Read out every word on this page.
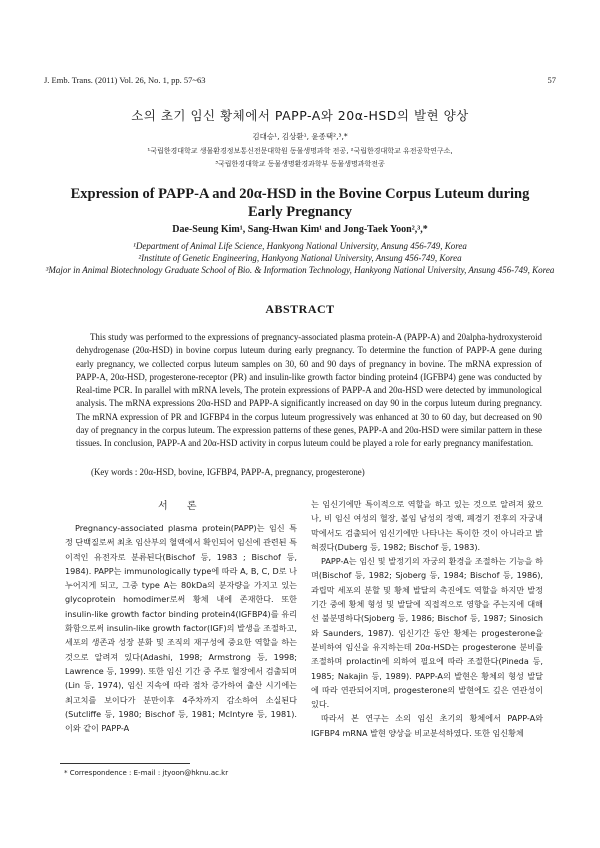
J. Emb. Trans. (2011) Vol. 26, No. 1, pp. 57~63	57
소의 초기 임신 황체에서 PAPP-A와 20α-HSD의 발현 양상
김대승¹, 김상환¹, 윤종택²,³,*
¹국립한경대학교 생물환경정보통신전문대학원 동물생명과학 전공, ²국립한경대학교 유전공학연구소,
³국립한경대학교 동물생명환경과학부 동물생명과학전공
Expression of PAPP-A and 20α-HSD in the Bovine Corpus Luteum during Early Pregnancy
Dae-Seung Kim¹, Sang-Hwan Kim¹ and Jong-Taek Yoon²,³,*
¹Department of Animal Life Science, Hankyong National University, Ansung 456-749, Korea
²Institute of Genetic Engineering, Hankyong National University, Ansung 456-749, Korea
³Major in Animal Biotechnology Graduate School of Bio. & Information Technology, Hankyong National University, Ansung 456-749, Korea
ABSTRACT
This study was performed to the expressions of pregnancy-associated plasma protein-A (PAPP-A) and 20alpha-hydroxysteroid dehydrogenase (20α-HSD) in bovine corpus luteum during early pregnancy. To determine the function of PAPP-A gene during early pregnancy, we collected corpus luteum samples on 30, 60 and 90 days of pregnancy in bovine. The mRNA expression of PAPP-A, 20α-HSD, progesterone-receptor (PR) and insulin-like growth factor binding protein4 (IGFBP4) gene was conducted by Real-time PCR. In parallel with mRNA levels, The protein expressions of PAPP-A and 20α-HSD were detected by immunological analysis. The mRNA expressions 20α-HSD and PAPP-A significantly increased on day 90 in the corpus luteum during pregnancy. The mRNA expression of PR and IGFBP4 in the corpus luteum progressively was enhanced at 30 to 60 day, but decreased on 90 day of pregnancy in the corpus luteum. The expression patterns of these genes, PAPP-A and 20α-HSD were similar pattern in these tissues. In conclusion, PAPP-A and 20α-HSD activity in corpus luteum could be played a role for early pregnancy manifestation.
(Key words : 20α-HSD, bovine, IGFBP4, PAPP-A, pregnancy, progesterone)
서 론

Pregnancy-associated plasma protein(PAPP)는 임신 특정 단백질로써 최초 임산부의 혈액에서 확인되어 임신에 관련된 특이적인 유전자로 분류된다(Bischof 등, 1983 ; Bischof 등, 1984). PAPP는 immunologically type에 따라 A, B, C, D로 나누어지게 되고, 그중 type A는 80kDa의 분자량을 가지고 있는 glycoprotein homodimer로써 황체 내에 존재한다. 또한 insulin-like growth factor binding protein4(IGFBP4)를 유리화함으로써 insulin-like growth factor(IGF)의 발생을 조절하고, 세포의 생존과 성장 분화 및 조직의 재구성에 중요한 역할을 하는 것으로 알려져 있다(Adashi, 1998; Armstrong 등, 1998; Lawrence 등, 1999). 또한 임신 기간 중 주로 혈장에서 검출되며(Lin 등, 1974), 임신 지속에 따라 점차 증가하여 출산 시기에는 최고치를 보이다가 분만이후 4주차까지 감소하여 소실된다(Sutcliffe 등, 1980; Bischof 등, 1981; McIntyre 등, 1981). 이와 같이 PAPP-A

는 임신기에만 특이적으로 역할을 하고 있는 것으로 알려져 왔으나, 비 임신 여성의 혈장, 볼임 남성의 정액, 폐경기 전후의 자궁내막에서도 검출되어 임신기에만 나타나는 특이한 것이 아니라고 밝혀졌다(Duberg 등, 1982; Bischof 등, 1983).

PAPP-A는 임신 및 발정기의 자궁의 환경을 조절하는 기능을 하며(Bischof 등, 1982; Sjoberg 등, 1984; Bischof 등, 1986), 과립막 세포의 분할 및 황체 발달의 촉진에도 역할을 하지만 발정기간 중에 황체 형성 및 발달에 직접적으로 영향을 주는지에 대해선 불분명하다(Sjoberg 등, 1986; Bischof 등, 1987; Sinosich와 Saunders, 1987). 임신기간 동안 황체는 progesterone을 분비하여 임신을 유지하는데 20α-HSD는 progesterone 분비를 조절하며 prolactin에 의하여 필요에 따라 조절한다(Pineda 등, 1985; Nakajin 등, 1989). PAPP-A의 발현은 황체의 형성 발달에 따라 연관되어지며, progesterone의 발현에도 깊은 연관성이 있다.

따라서 본 연구는 소의 임신 초기의 황체에서 PAPP-A와 IGFBP4 mRNA 발현 양상을 비교분석하였다. 또한 임신황체

* Correspondence : E-mail : jtyoon@hknu.ac.kr
